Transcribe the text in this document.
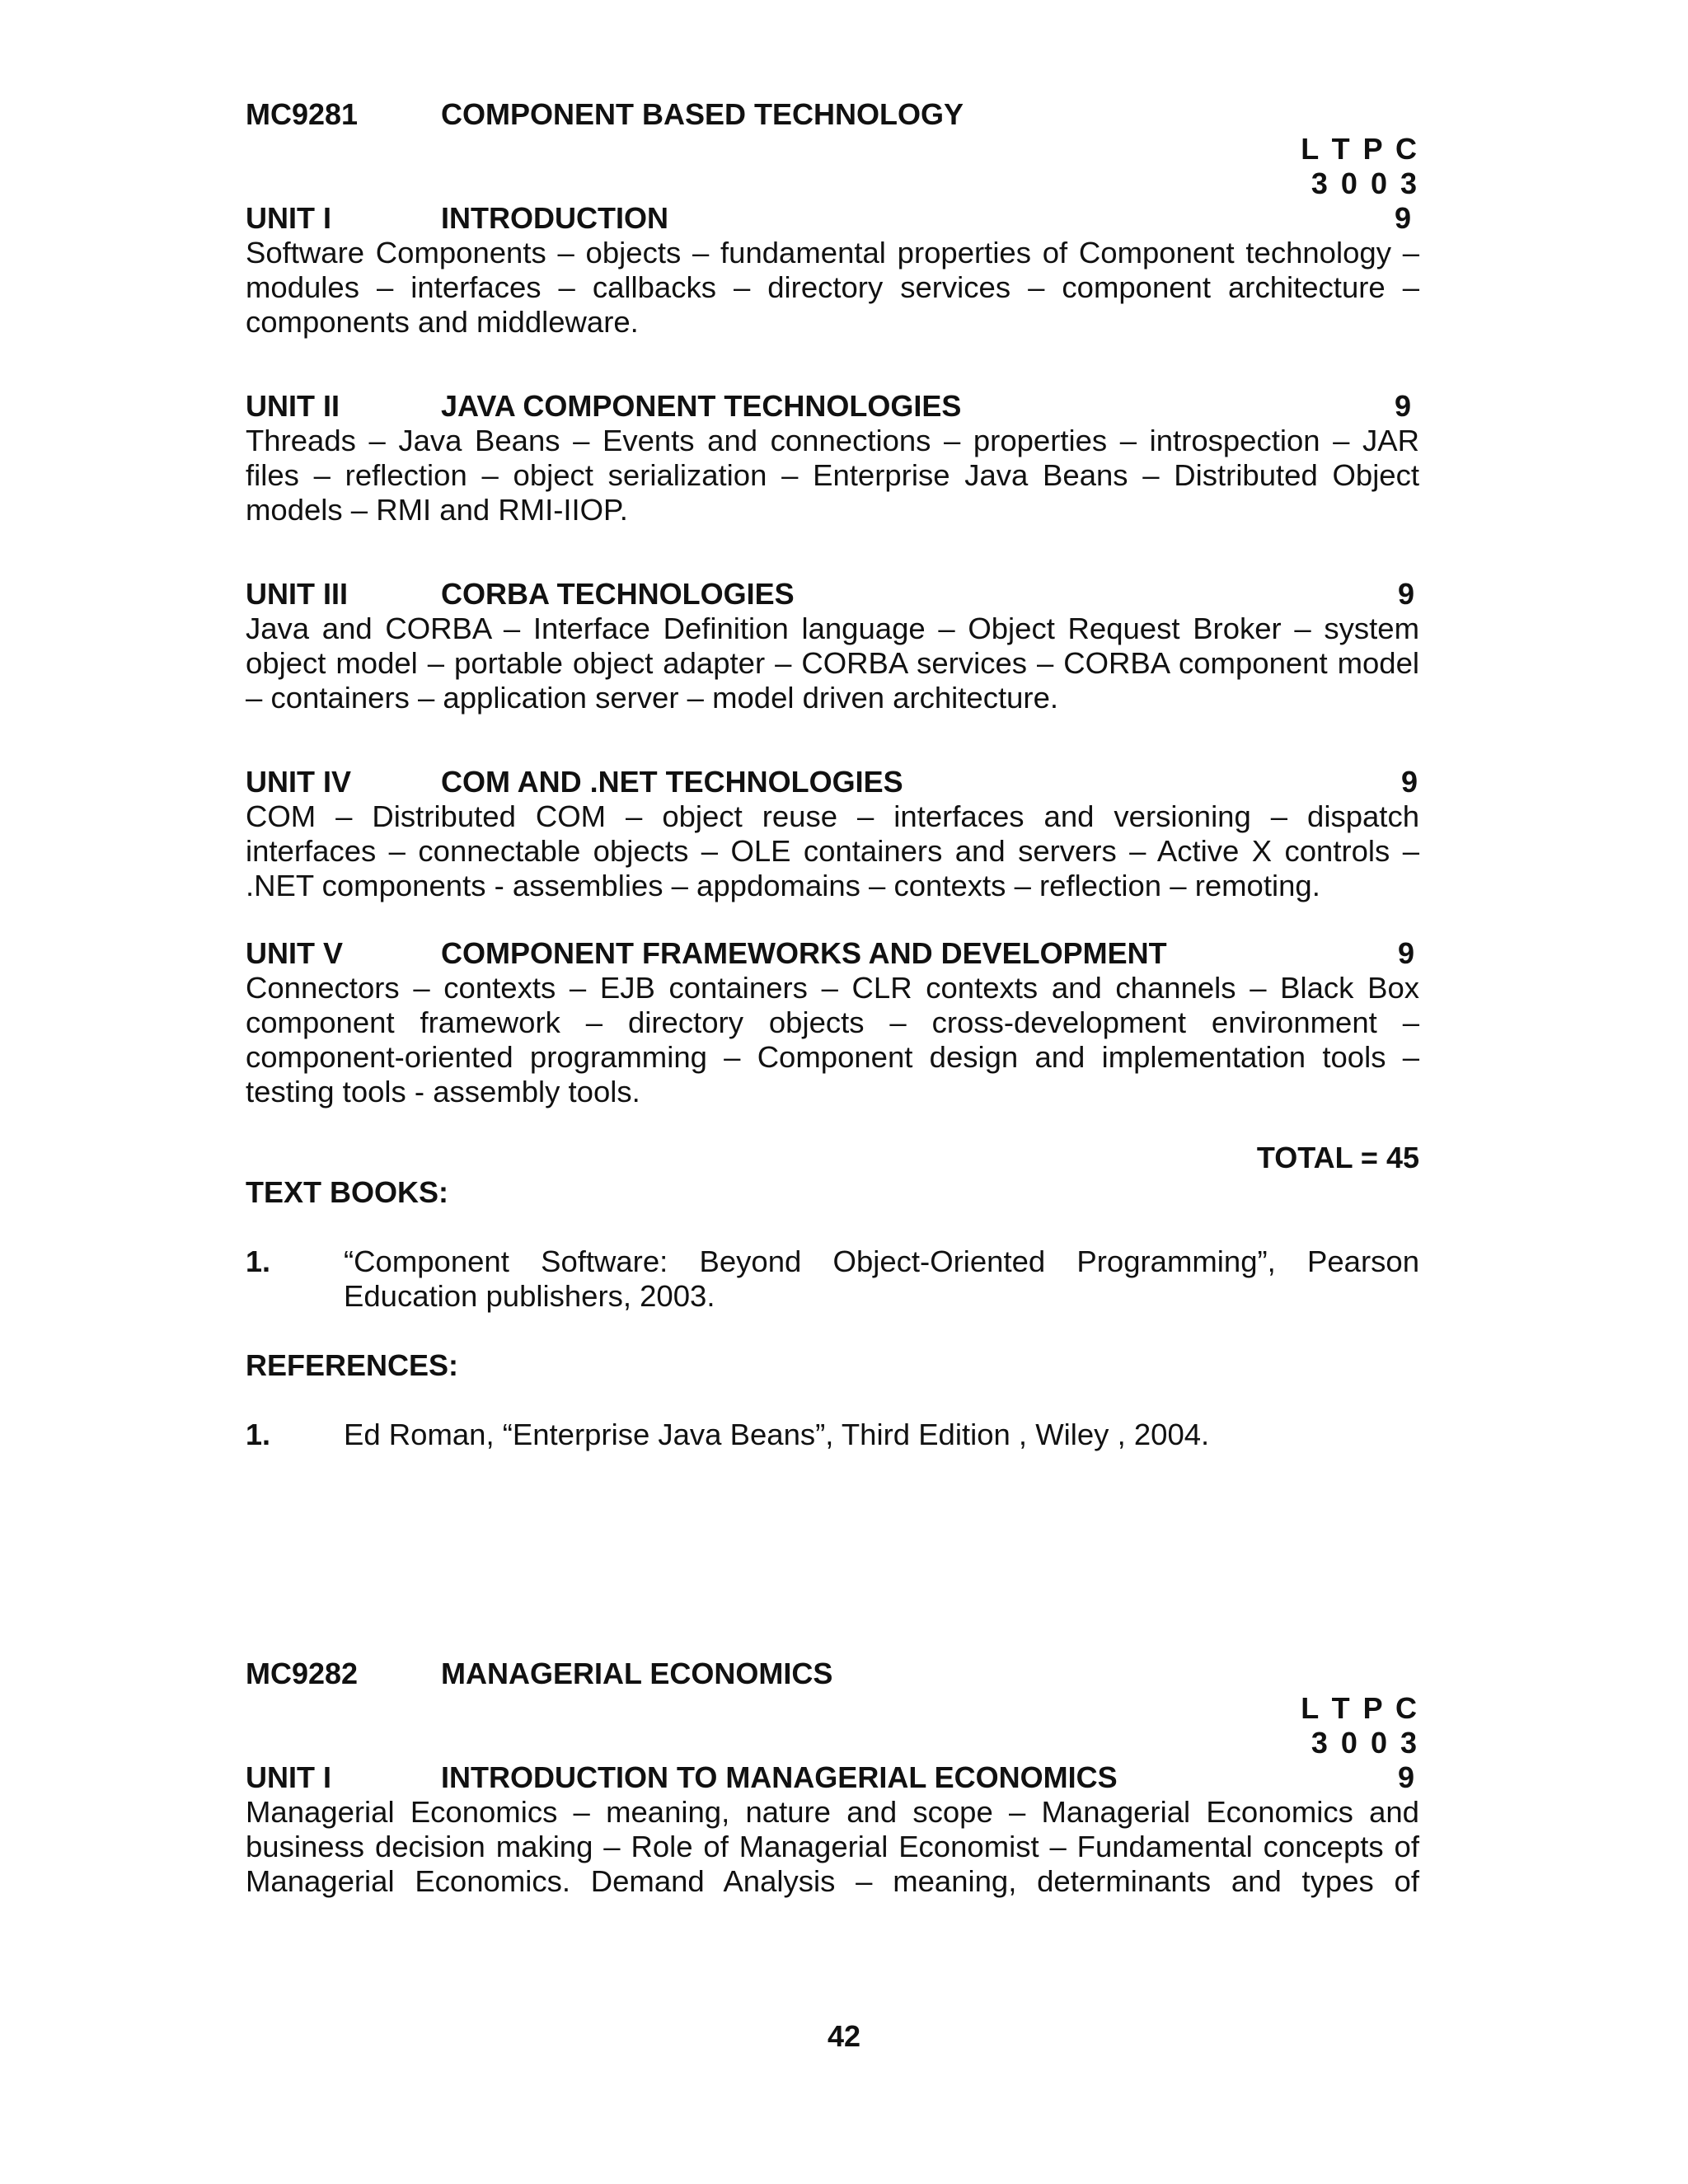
MC9281	COMPONENT BASED TECHNOLOGY
L T P C
3 0 0 3
UNIT I	INTRODUCTION	9
Software Components – objects – fundamental properties of Component technology – modules – interfaces – callbacks – directory services – component architecture – components and middleware.
UNIT II	JAVA COMPONENT TECHNOLOGIES	9
Threads – Java Beans – Events and connections – properties – introspection – JAR files – reflection – object serialization – Enterprise Java Beans – Distributed Object models – RMI and RMI-IIOP.
UNIT III	CORBA TECHNOLOGIES	9
Java and CORBA – Interface Definition language – Object Request Broker – system object model – portable object adapter – CORBA services – CORBA component model – containers – application server – model driven architecture.
UNIT IV	COM AND .NET TECHNOLOGIES	9
COM – Distributed COM – object reuse – interfaces and versioning – dispatch interfaces – connectable objects – OLE containers and servers – Active X controls – .NET components - assemblies – appdomains – contexts – reflection – remoting.
UNIT V	COMPONENT FRAMEWORKS AND DEVELOPMENT	9
Connectors – contexts – EJB containers – CLR contexts and channels – Black Box component framework – directory objects – cross-development environment – component-oriented programming – Component design and implementation tools – testing tools - assembly tools.
TOTAL = 45
TEXT BOOKS:
1. “Component Software: Beyond Object-Oriented Programming”, Pearson Education publishers, 2003.
REFERENCES:
1. Ed Roman, “Enterprise Java Beans”, Third Edition , Wiley , 2004.
MC9282	MANAGERIAL ECONOMICS
L T P C
3 0 0 3
UNIT I	INTRODUCTION TO MANAGERIAL ECONOMICS	9
Managerial Economics – meaning, nature and scope – Managerial Economics and business decision making – Role of Managerial Economist – Fundamental concepts of Managerial Economics. Demand Analysis – meaning, determinants and types of
42
